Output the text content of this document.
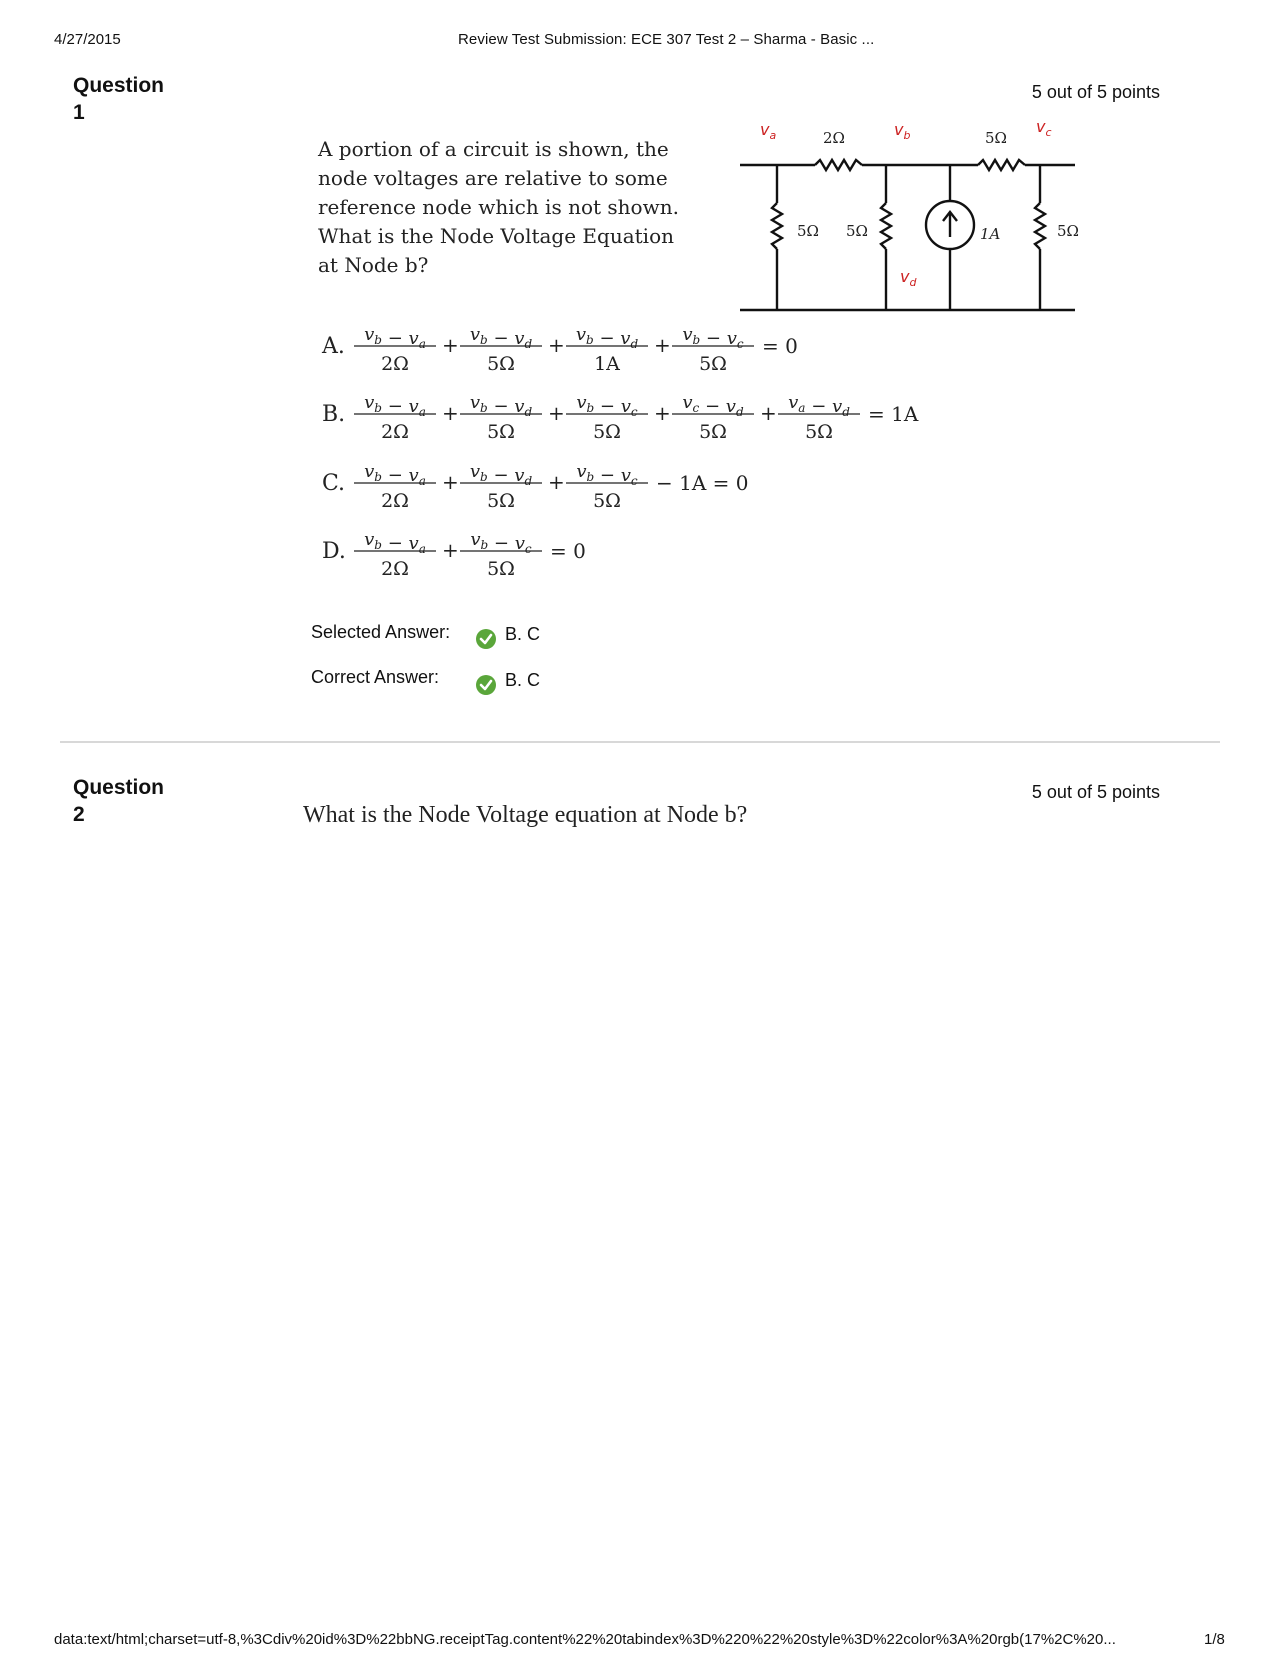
4/27/2015	Review Test Submission: ECE 307 Test 2 – Sharma - Basic ...
Question
1
5 out of 5 points
A portion of a circuit is shown, the node voltages are relative to some reference node which is not shown. What is the Node Voltage Equation at Node b?
2Ω	5Ω
5Ω 5Ω	1A	5Ω
$v_a$	$v_b$	$v_c$
$v_d$
A. $v_b - v_a$
2Ω
+ $v_b - v_d$
5Ω
+ $v_b - v_d$
1A
+ $v_b - v_c$
5Ω
= 0
B. $v_b - v_a$
2Ω
+ $v_b - v_d$
5Ω
+ $v_b - v_c$
5Ω
+ $v_c - v_d$
5Ω
+ $v_a - v_d$
5Ω
= 1A
C. $v_b - v_a$
2Ω
+ $v_b - v_d$
5Ω
+ $v_b - v_c$
5Ω
− 1A = 0
D. $v_b - v_a$
2Ω
+ $v_b - v_c$
5Ω
= 0
Selected Answer:	B. C
Correct Answer:	B. C
Question
2
5 out of 5 points
What is the Node Voltage equation at Node b?
data:text/html;charset=utf-8,%3Cdiv%20id%3D%22bbNG.receiptTag.content%22%20tabindex%3D%220%22%20style%3D%22color%3A%20rgb(17%2C%20...	1/8
